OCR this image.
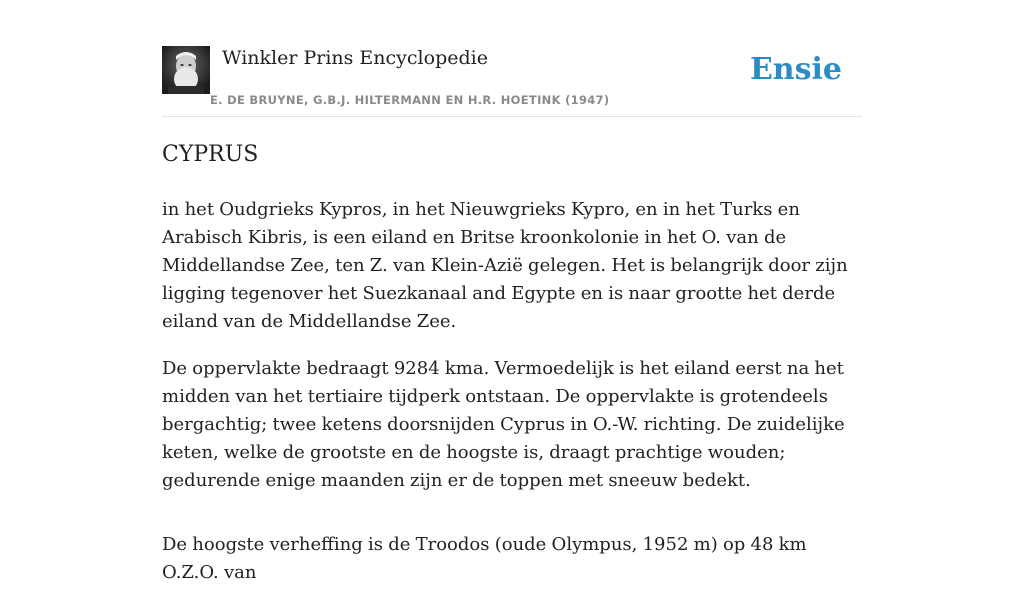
Winkler Prins Encyclopedie
E. DE BRUYNE, G.B.J. HILTERMANN EN H.R. HOETINK (1947)
Ensie
CYPRUS

in het Oudgrieks Kypros, in het Nieuwgrieks Kypro, en in het Turks en Arabisch Kibris, is een eiland en Britse kroonkolonie in het O. van de Middellandse Zee, ten Z. van Klein-Azië gelegen. Het is belangrijk door zijn ligging tegenover het Suezkanaal and Egypte en is naar grootte het derde eiland van de Middellandse Zee.

De oppervlakte bedraagt 9284 kma. Vermoedelijk is het eiland eerst na het midden van het tertiaire tijdperk ontstaan. De oppervlakte is grotendeels bergachtig; twee ketens doorsnijden Cyprus in O.-W. richting. De zuidelijke keten, welke de grootste en de hoogste is, draagt prachtige wouden; gedurende enige maanden zijn er de toppen met sneeuw bedekt.

De hoogste verheffing is de Troodos (oude Olympus, 1952 m) op 48 km O.Z.O. van
